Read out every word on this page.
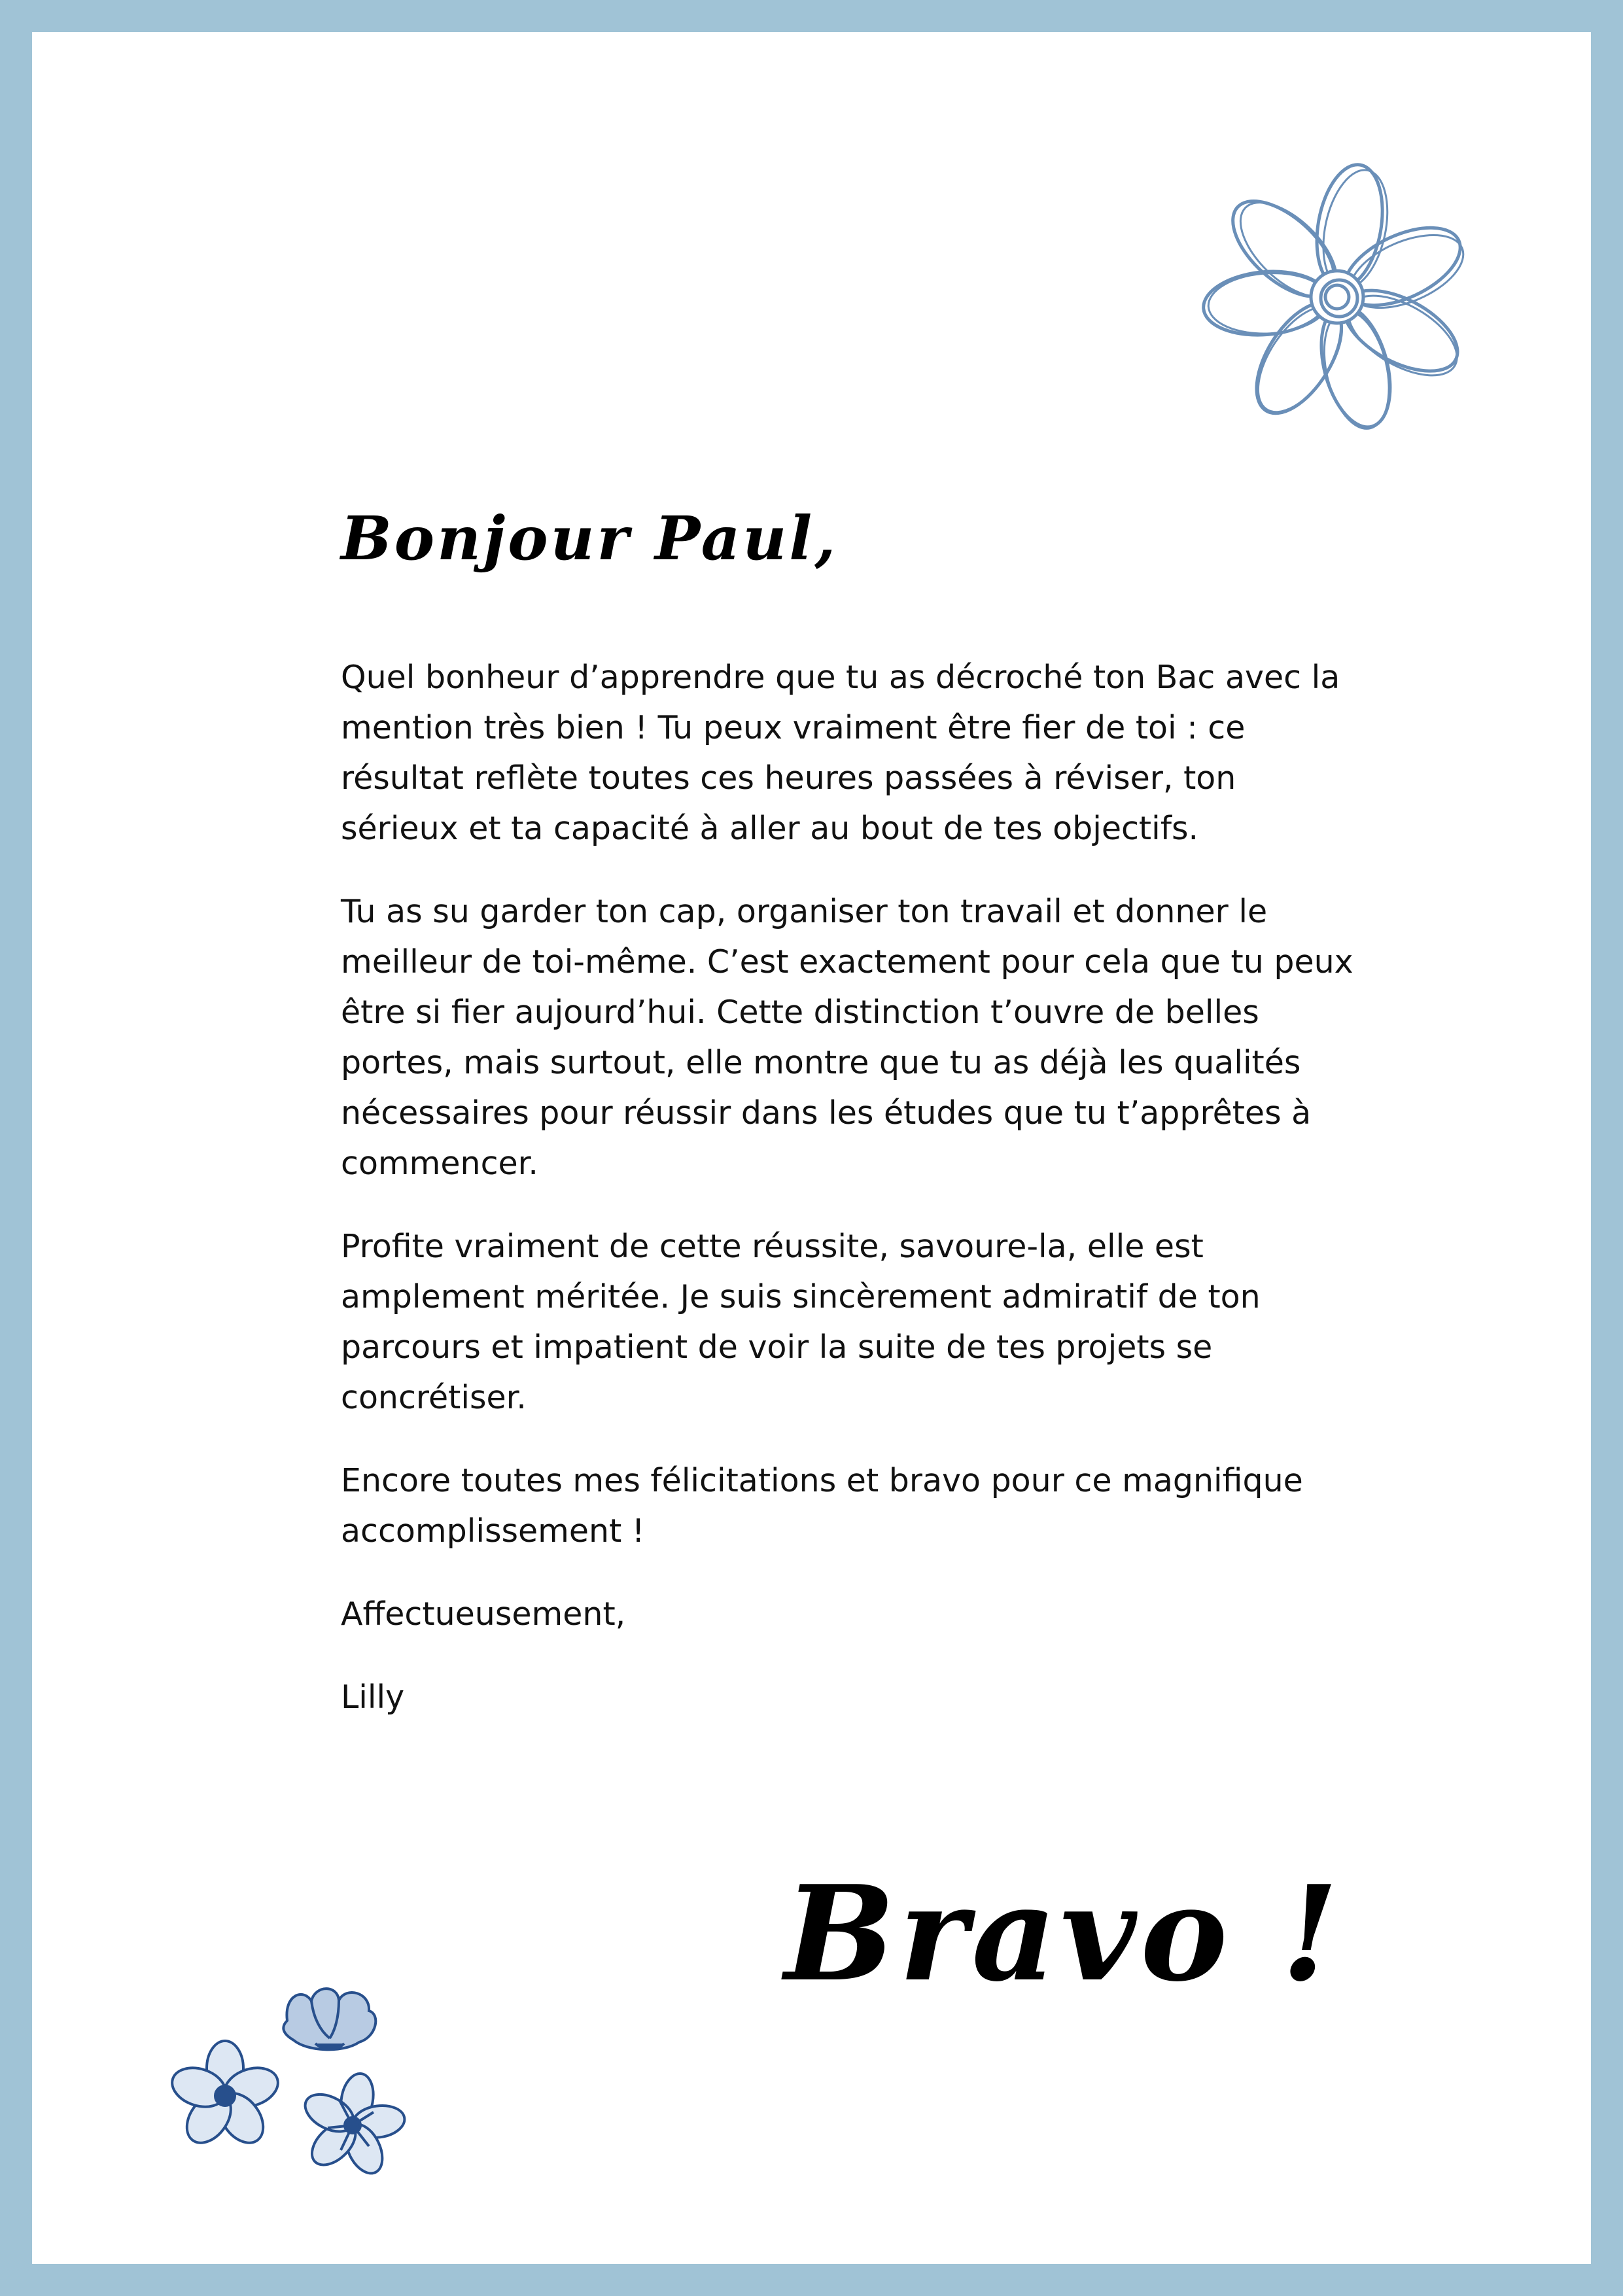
Bonjour Paul,

Quel bonheur d’apprendre que tu as décroché ton Bac avec la mention très bien ! Tu peux vraiment être fier de toi : ce résultat reflète toutes ces heures passées à réviser, ton sérieux et ta capacité à aller au bout de tes objectifs.

Tu as su garder ton cap, organiser ton travail et donner le meilleur de toi-même. C’est exactement pour cela que tu peux être si fier aujourd’hui. Cette distinction t’ouvre de belles portes, mais surtout, elle montre que tu as déjà les qualités nécessaires pour réussir dans les études que tu t’apprêtes à commencer.

Profite vraiment de cette réussite, savoure-la, elle est amplement méritée. Je suis sincèrement admiratif de ton parcours et impatient de voir la suite de tes projets se concrétiser.

Encore toutes mes félicitations et bravo pour ce magnifique accomplissement !

Affectueusement,

Lilly

Bravo !
